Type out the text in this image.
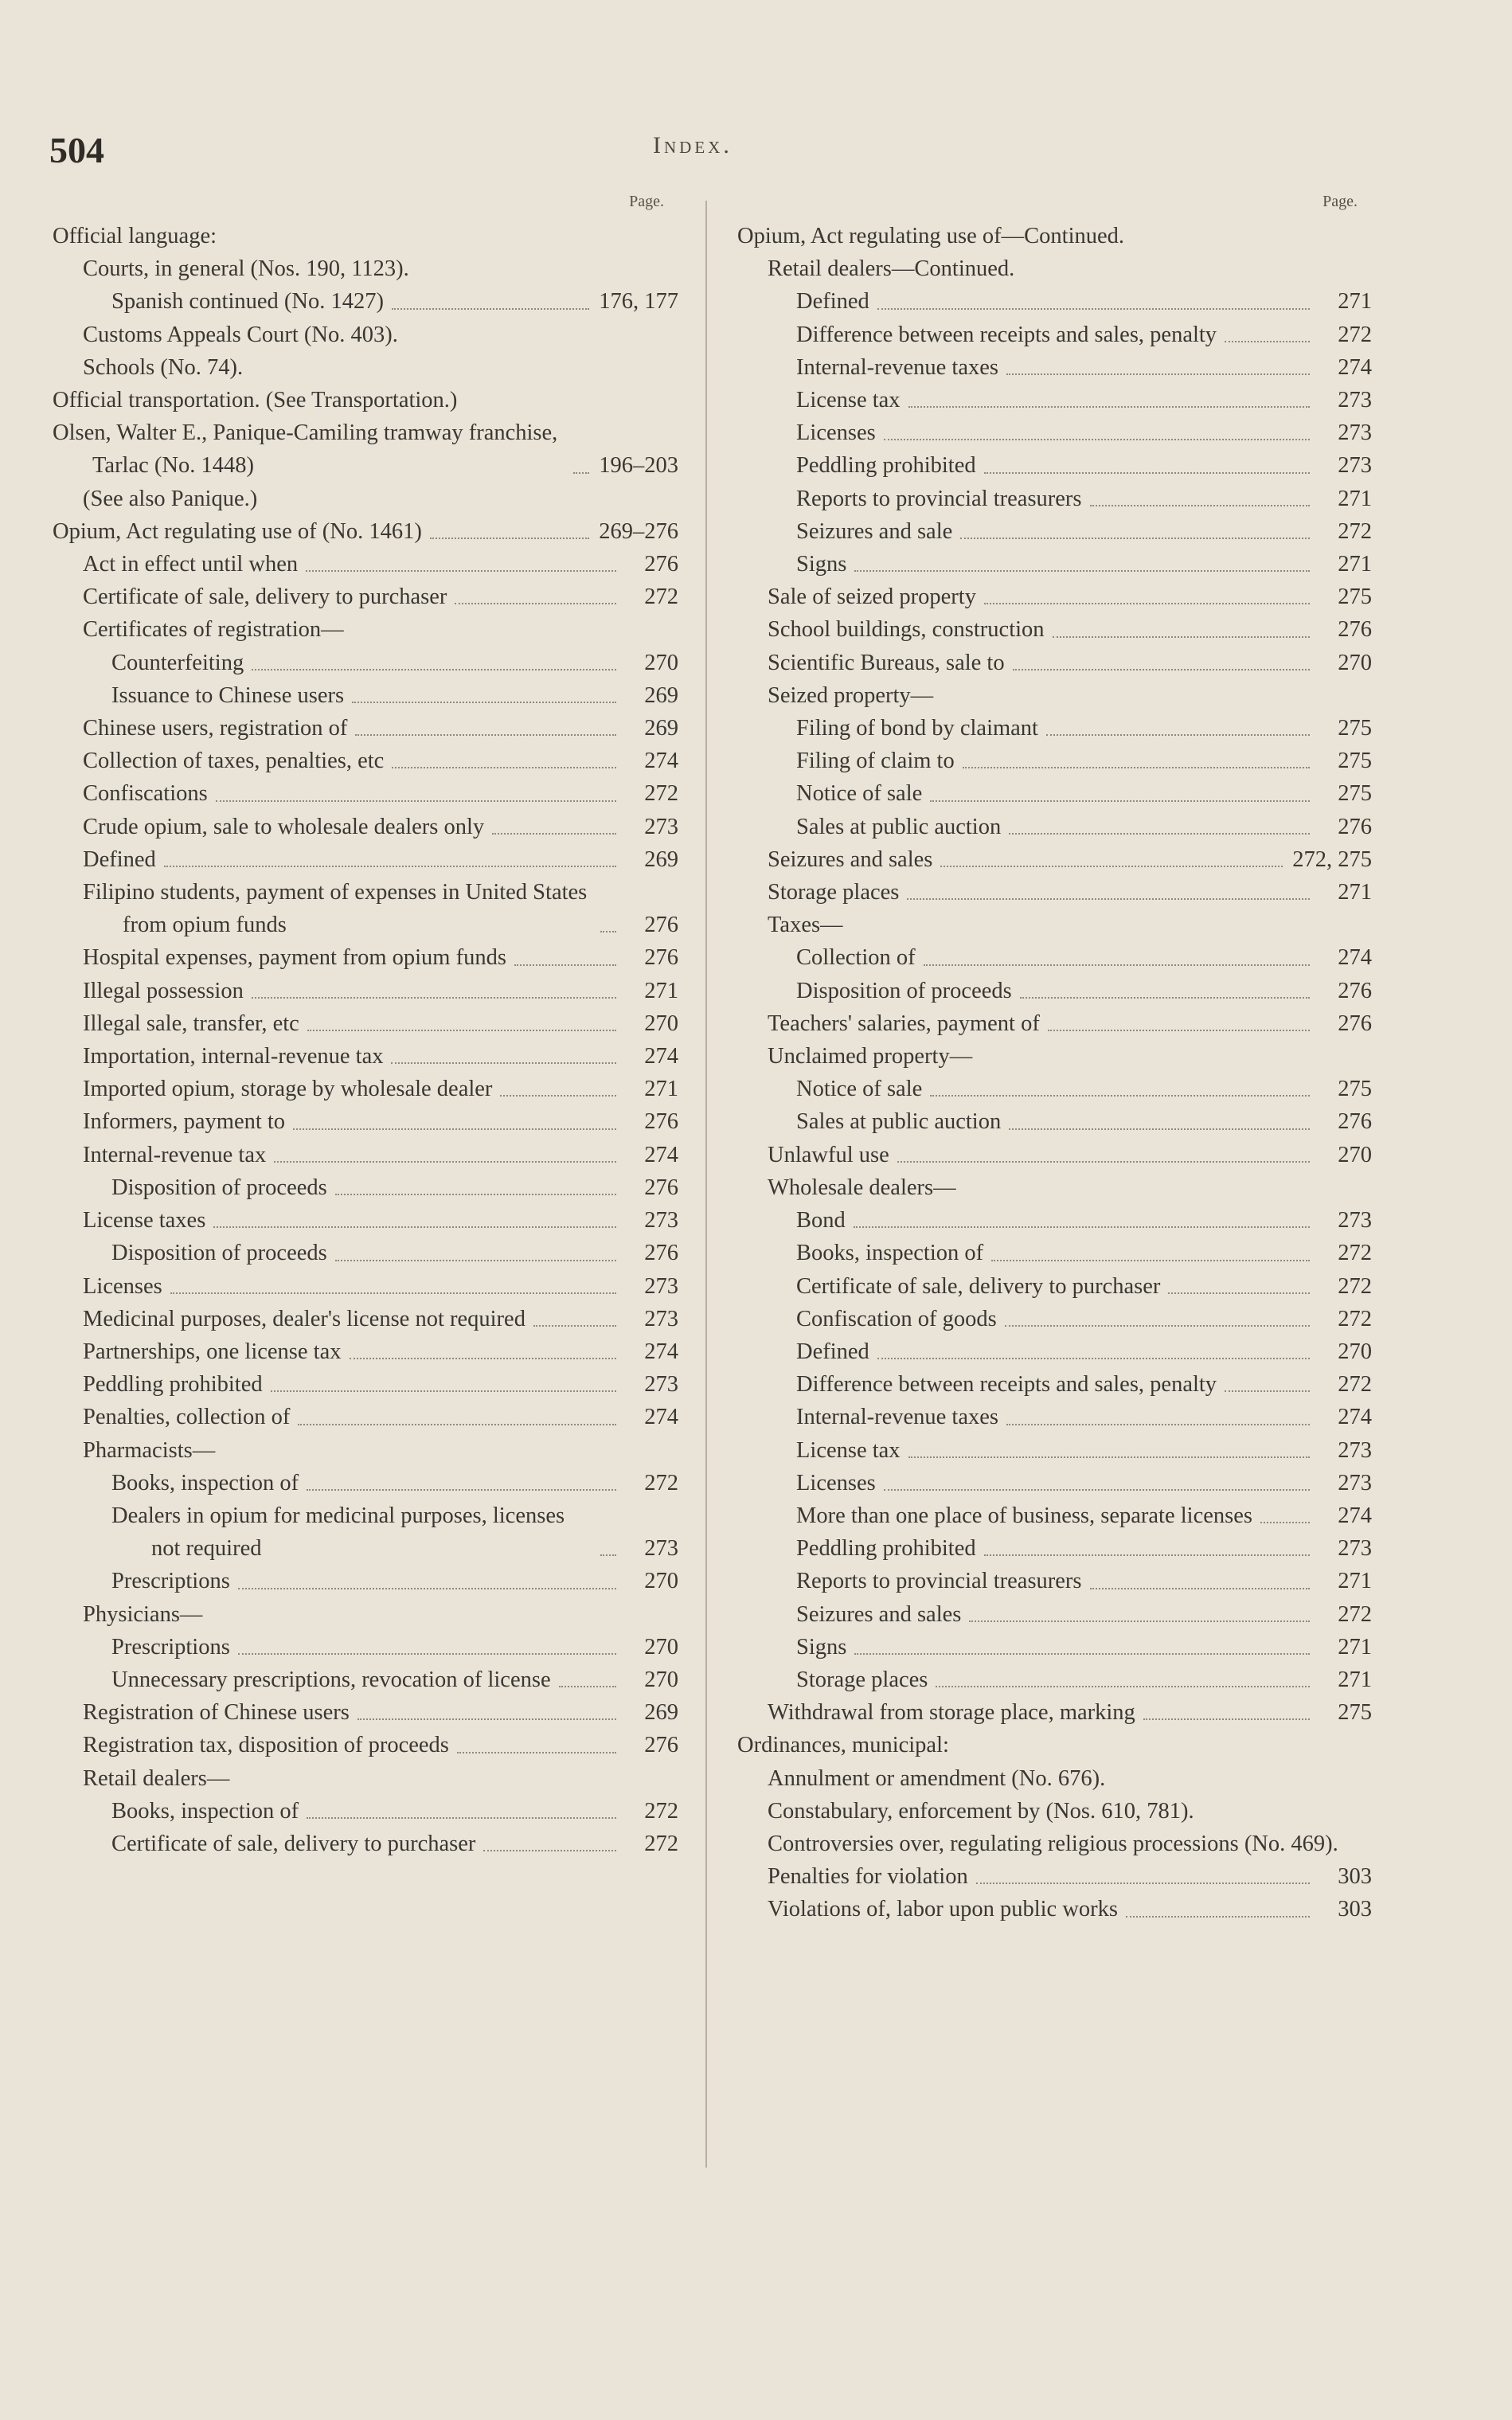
504	Index.
Page.
Official language:
Courts, in general (Nos. 190, 1123).
Spanish continued (No. 1427)	176, 177
Customs Appeals Court (No. 403).
Schools (No. 74).
Official transportation. (See Transportation.)
Olsen, Walter E., Panique-Camiling tramway franchise, Tarlac (No. 1448)	196–203
(See also Panique.)
Opium, Act regulating use of (No. 1461)	269–276
Act in effect until when	276
Certificate of sale, delivery to purchaser	272
Certificates of registration—
Counterfeiting	270
Issuance to Chinese users	269
Chinese users, registration of	269
Collection of taxes, penalties, etc	274
Confiscations	272
Crude opium, sale to wholesale dealers only	273
Defined	269
Filipino students, payment of expenses in United States from opium funds	276
Hospital expenses, payment from opium funds	276
Illegal possession	271
Illegal sale, transfer, etc	270
Importation, internal-revenue tax	274
Imported opium, storage by wholesale dealer	271
Informers, payment to	276
Internal-revenue tax	274
Disposition of proceeds	276
License taxes	273
Disposition of proceeds	276
Licenses	273
Medicinal purposes, dealer's license not required	273
Partnerships, one license tax	274
Peddling prohibited	273
Penalties, collection of	274
Pharmacists—
Books, inspection of	272
Dealers in opium for medicinal purposes, licenses not required	273
Prescriptions	270
Physicians—
Prescriptions	270
Unnecessary prescriptions, revocation of license	270
Registration of Chinese users	269
Registration tax, disposition of proceeds	276
Retail dealers—
Books, inspection of	272
Certificate of sale, delivery to purchaser	272
Page.
Opium, Act regulating use of—Continued.
Retail dealers—Continued.
Defined	271
Difference between receipts and sales, penalty	272
Internal-revenue taxes	274
License tax	273
Licenses	273
Peddling prohibited	273
Reports to provincial treasurers	271
Seizures and sale	272
Signs	271
Sale of seized property	275
School buildings, construction	276
Scientific Bureaus, sale to	270
Seized property—
Filing of bond by claimant	275
Filing of claim to	275
Notice of sale	275
Sales at public auction	276
Seizures and sales	272, 275
Storage places	271
Taxes—
Collection of	274
Disposition of proceeds	276
Teachers' salaries, payment of	276
Unclaimed property—
Notice of sale	275
Sales at public auction	276
Unlawful use	270
Wholesale dealers—
Bond	273
Books, inspection of	272
Certificate of sale, delivery to purchaser	272
Confiscation of goods	272
Defined	270
Difference between receipts and sales, penalty	272
Internal-revenue taxes	274
License tax	273
Licenses	273
More than one place of business, separate licenses	274
Peddling prohibited	273
Reports to provincial treasurers	271
Seizures and sales	272
Signs	271
Storage places	271
Withdrawal from storage place, marking	275
Ordinances, municipal:
Annulment or amendment (No. 676).
Constabulary, enforcement by (Nos. 610, 781).
Controversies over, regulating religious processions (No. 469).
Penalties for violation	303
Violations of, labor upon public works	303
